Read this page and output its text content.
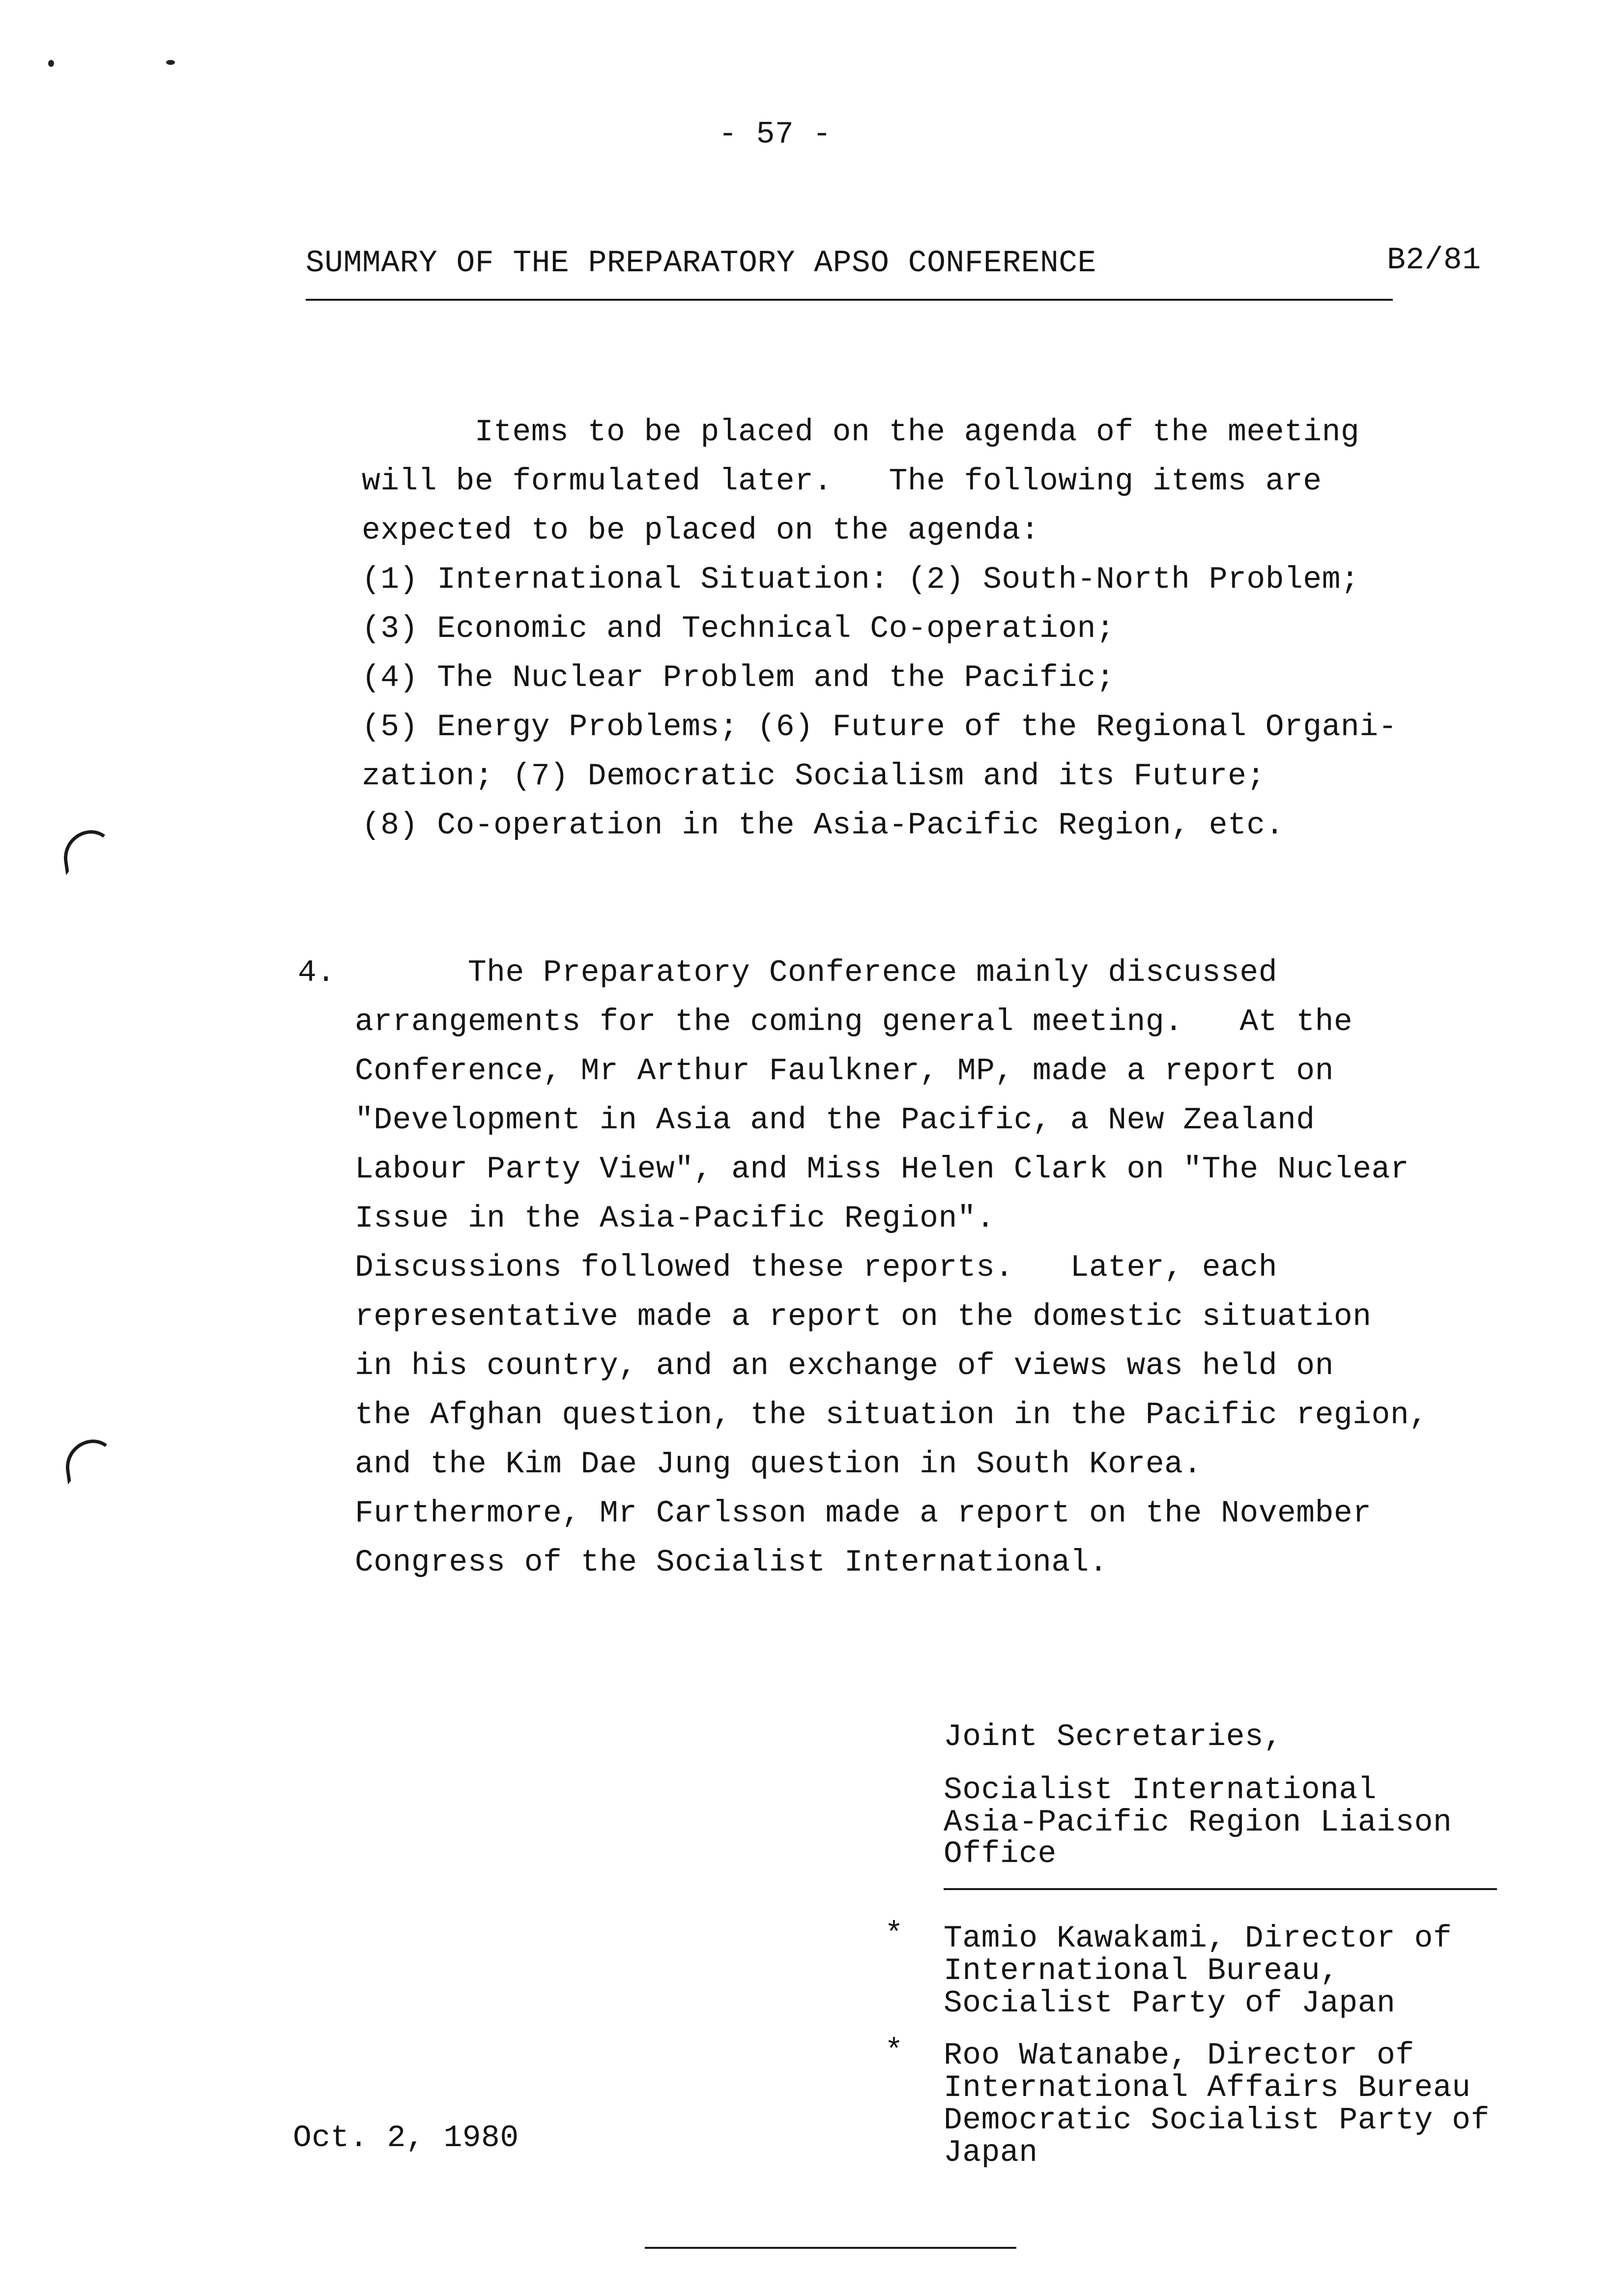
- 57 -
SUMMARY OF THE PREPARATORY APSO CONFERENCE	B2/81
Items to be placed on the agenda of the meeting
will be formulated later.   The following items are
expected to be placed on the agenda:
(1) International Situation: (2) South-North Problem;
(3) Economic and Technical Co-operation;
(4) The Nuclear Problem and the Pacific;
(5) Energy Problems; (6) Future of the Regional Organi-
zation; (7) Democratic Socialism and its Future;
(8) Co-operation in the Asia-Pacific Region, etc.
4. The Preparatory Conference mainly discussed
arrangements for the coming general meeting.   At the
Conference, Mr Arthur Faulkner, MP, made a report on
"Development in Asia and the Pacific, a New Zealand
Labour Party View", and Miss Helen Clark on "The Nuclear
Issue in the Asia-Pacific Region".
Discussions followed these reports.   Later, each
representative made a report on the domestic situation
in his country, and an exchange of views was held on
the Afghan question, the situation in the Pacific region,
and the Kim Dae Jung question in South Korea.
Furthermore, Mr Carlsson made a report on the November
Congress of the Socialist International.
Joint Secretaries,
Socialist International
Asia-Pacific Region Liaison
Office
* Tamio Kawakami, Director of
International Bureau,
Socialist Party of Japan
* Roo Watanabe, Director of
International Affairs Bureau
Democratic Socialist Party of
Japan
Oct. 2, 1980
